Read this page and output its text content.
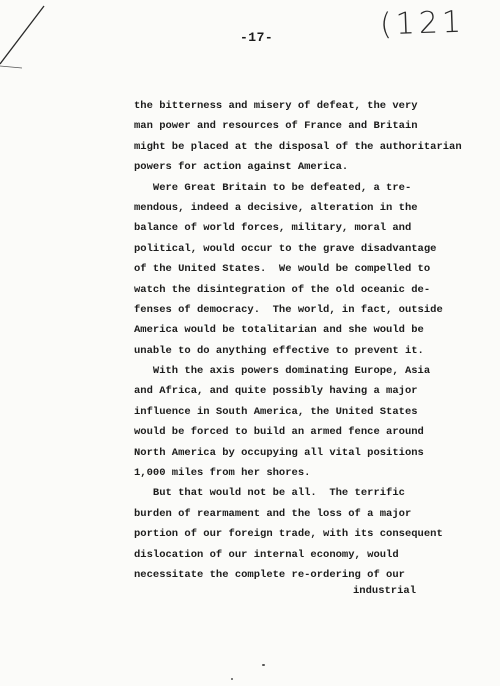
-17-	(121
the bitterness and misery of defeat, the very
man power and resources of France and Britain
might be placed at the disposal of the authoritarian
powers for action against America.
Were Great Britain to be defeated, a tre-
mendous, indeed a decisive, alteration in the
balance of world forces, military, moral and
political, would occur to the grave disadvantage
of the United States.  We would be compelled to
watch the disintegration of the old oceanic de-
fenses of democracy.  The world, in fact, outside
America would be totalitarian and she would be
unable to do anything effective to prevent it.
With the axis powers dominating Europe, Asia
and Africa, and quite possibly having a major
influence in South America, the United States
would be forced to build an armed fence around
North America by occupying all vital positions
1,000 miles from her shores.
But that would not be all.  The terrific
burden of rearmament and the loss of a major
portion of our foreign trade, with its consequent
dislocation of our internal economy, would
necessitate the complete re-ordering of our
industrial
